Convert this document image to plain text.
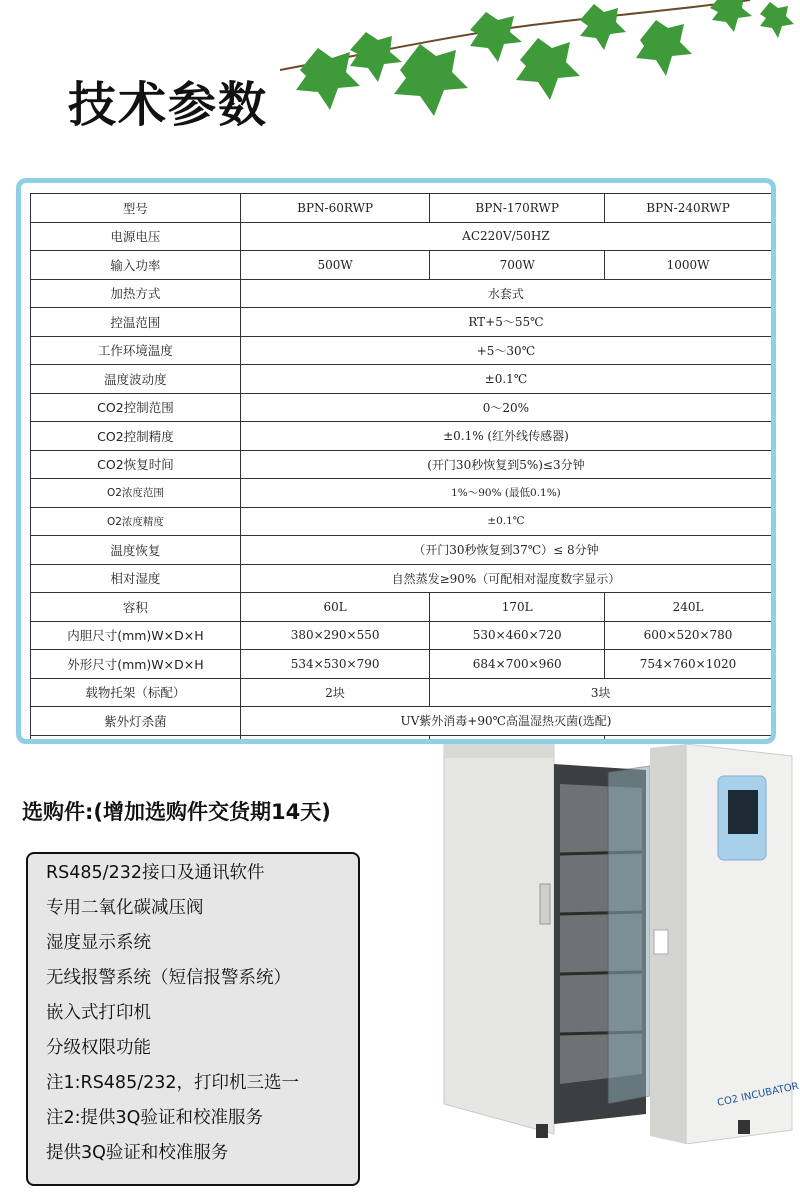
技术参数
型号	BPN-60RWP	BPN-170RWP	BPN-240RWP
电源电压	AC220V/50HZ		
输入功率	500W	700W	1000W
加热方式	水套式		
控温范围	RT+5～55℃		
工作环境温度	+5～30℃		
温度波动度	±0.1℃		
CO2控制范围	0～20%		
CO2控制精度	±0.1% (红外线传感器)		
CO2恢复时间	(开门30秒恢复到5%)≤3分钟		
O2浓度范围	1%～90% (最低0.1%)		
O2浓度精度	±0.1℃		
温度恢复	（开门30秒恢复到37℃）≤ 8分钟		
相对湿度	自然蒸发≥90%（可配相对湿度数字显示）		
容积	60L	170L	240L
内胆尺寸(mm)W×D×H	380×290×550	530×460×720	600×520×780
外形尺寸(mm)W×D×H	534×530×790	684×700×960	754×760×1020
载物托架（标配）	2块	3块	
紫外灯杀菌	UV紫外消毒+90℃高温湿热灭菌(选配)		

选购件:(增加选购件交货期14天)
RS485/232接口及通讯软件
专用二氧化碳减压阀
湿度显示系统
无线报警系统（短信报警系统）
嵌入式打印机
分级权限功能
注1:RS485/232，打印机三选一
注2:提供3Q验证和校准服务
提供3Q验证和校准服务
CO2 INCUBATOR
